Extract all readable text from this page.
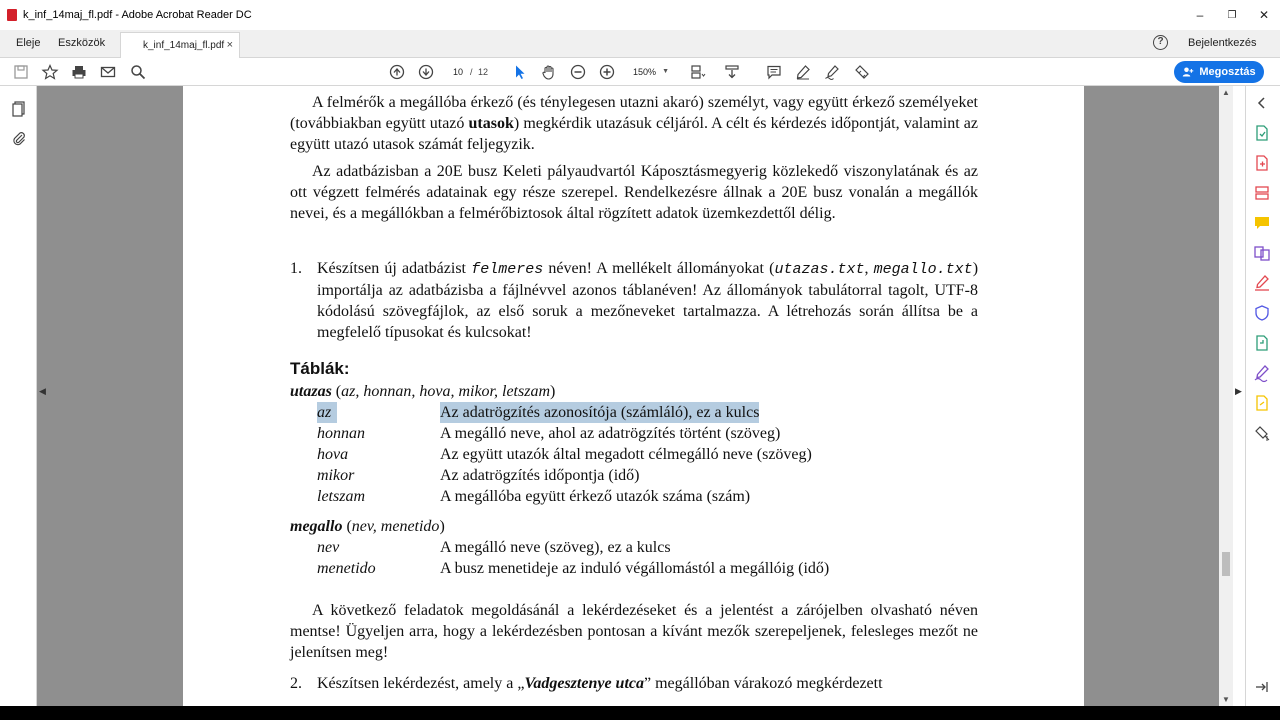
k_inf_14maj_fl.pdf - Adobe Acrobat Reader DC	–	❐	✕
Eleje Eszközök	k_inf_14maj_fl.pdf ×	?	Bejelentkezés
10 / 12	150% ▼	Megosztás
◀	▶
A felmérők a megállóba érkező (és ténylegesen utazni akaró) személyt, vagy együtt érkező személyeket (továbbiakban együtt utazó utasok) megkérdik utazásuk céljáról. A célt és kérdezés időpontját, valamint az együtt utazó utasok számát feljegyzik.
Az adatbázisban a 20E busz Keleti pályaudvartól Káposztásmegyerig közlekedő viszonylatának és az ott végzett felmérés adatainak egy része szerepel. Rendelkezésre állnak a 20E busz vonalán a megállók nevei, és a megállókban a felmérőbiztosok által rögzített adatok üzemkezdettől délig.
1. Készítsen új adatbázist felmeres néven! A mellékelt állományokat (utazas.txt, megallo.txt) importálja az adatbázisba a fájlnévvel azonos táblanéven! Az állományok tabulátorral tagolt, UTF-8 kódolású szövegfájlok, az első soruk a mezőneveket tartalmazza. A létrehozás során állítsa be a megfelelő típusokat és kulcsokat!
Táblák:
utazas (az, honnan, hova, mikor, letszam)
az	Az adatrögzítés azonosítója (számláló), ez a kulcs
honnan	A megálló neve, ahol az adatrögzítés történt (szöveg)
hova	Az együtt utazók által megadott célmegálló neve (szöveg)
mikor	Az adatrögzítés időpontja (idő)
letszam	A megállóba együtt érkező utazók száma (szám)
megallo (nev, menetido)
nev	A megálló neve (szöveg), ez a kulcs
menetido	A busz menetideje az induló végállomástól a megállóig (idő)
A következő feladatok megoldásánál a lekérdezéseket és a jelentést a zárójelben olvasható néven mentse! Ügyeljen arra, hogy a lekérdezésben pontosan a kívánt mezők szerepeljenek, felesleges mezőt ne jelenítsen meg!
2. Készítsen lekérdezést, amely a „Vadgesztenye utca” megállóban várakozó megkérdezett
▲
▼
